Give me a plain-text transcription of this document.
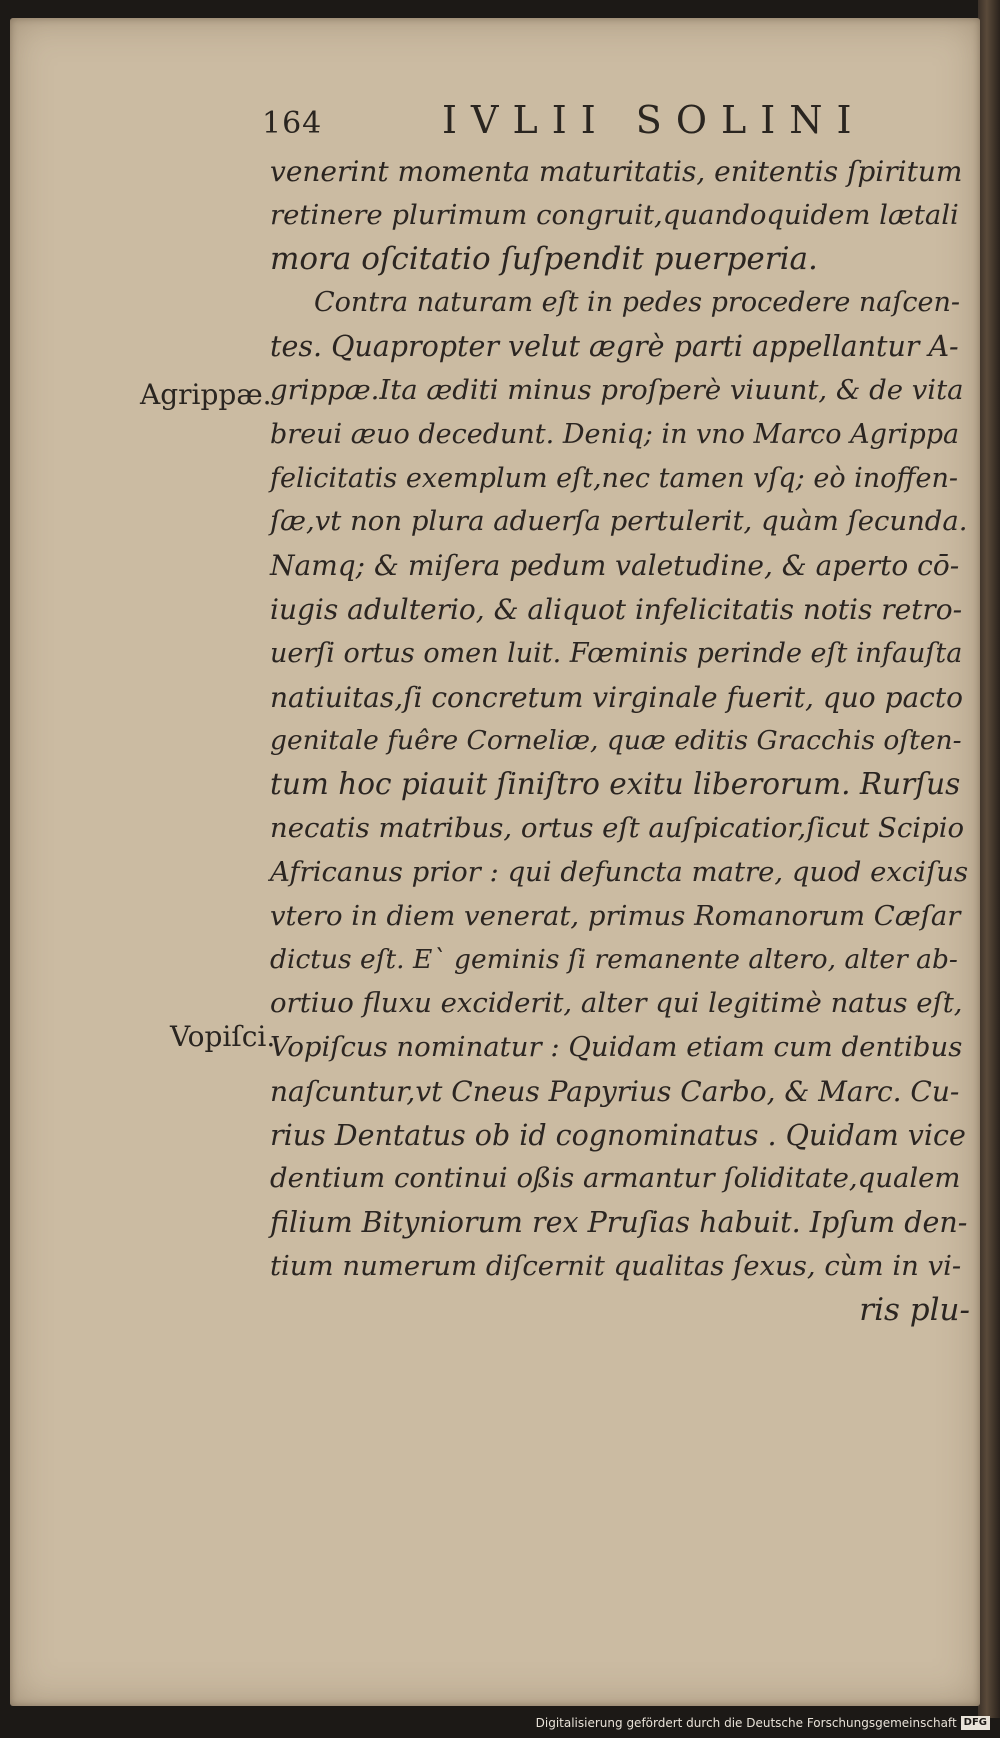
164	IVLII SOLINI
Agrippæ.
Vopiſci.
venerint momenta maturitatis, enitentis ſpiritum
retinere plurimum congruit,quandoquidem lætali
mora oſcitatio ſuſpendit puerperia.
Contra naturam eſt in pedes procedere naſcen-
tes. Quapropter velut ægrè parti appellantur A-
grippæ.Ita æditi minus proſperè viuunt, & de vita
breui æuo decedunt. Deniq; in vno Marco Agrippa
felicitatis exemplum eſt,nec tamen vſq; eò inoffen-
ſæ,vt non plura aduerſa pertulerit, quàm ſecunda.
Namq; & miſera pedum valetudine, & aperto cō-
iugis adulterio, & aliquot infelicitatis notis retro-
uerſi ortus omen luit. Fœminis perinde eſt infauſta
natiuitas,ſi concretum virginale fuerit, quo pacto
genitale fuêre Corneliæ, quæ editis Gracchis oſten-
tum hoc piauit ſiniſtro exitu liberorum. Rurſus
necatis matribus, ortus eſt auſpicatior,ſicut Scipio
Africanus prior : qui defuncta matre, quod exciſus
vtero in diem venerat, primus Romanorum Cæſar
dictus eſt. E` geminis ſi remanente altero, alter ab-
ortiuo fluxu exciderit, alter qui legitimè natus eſt,
Vopiſcus nominatur : Quidam etiam cum dentibus
naſcuntur,vt Cneus Papyrius Carbo, & Marc. Cu-
rius Dentatus ob id cognominatus . Quidam vice
dentium continui oßis armantur ſoliditate,qualem
filium Bityniorum rex Pruſias habuit. Ipſum den-
tium numerum diſcernit qualitas ſexus, cùm in vi-
ris plu-
Digitalisierung gefördert durch die Deutsche Forschungsgemeinschaft DFG
